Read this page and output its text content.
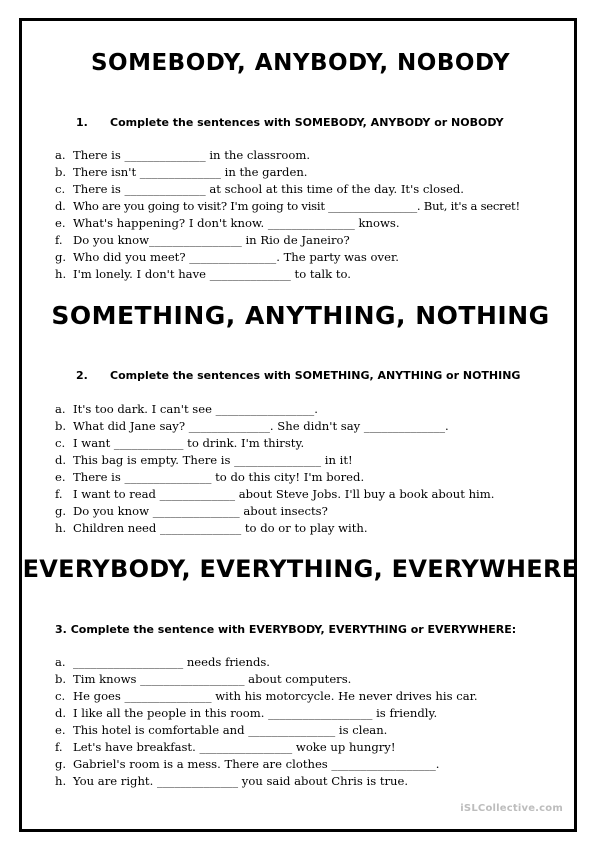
SOMEBODY, ANYBODY, NOBODY
1. Complete the sentences with SOMEBODY, ANYBODY or NOBODY
a. There is ______________ in the classroom.
b. There isn't ______________ in the garden.
c. There is ______________ at school at this time of the day. It's closed.
d. Who are you going to visit? I'm going to visit ________________. But, it's a secret!
e. What's happening? I don't know. _______________ knows.
f. Do you know________________ in Rio de Janeiro?
g. Who did you meet? _______________. The party was over.
h. I'm lonely. I don't have ______________ to talk to.
SOMETHING, ANYTHING, NOTHING
2. Complete the sentences with SOMETHING, ANYTHING or NOTHING
a. It's too dark. I can't see _________________.
b. What did Jane say? ______________. She didn't say ______________.
c. I want ____________ to drink. I'm thirsty.
d. This bag is empty. There is _______________ in it!
e. There is _______________ to do this city! I'm bored.
f. I want to read _____________ about Steve Jobs. I'll buy a book about him.
g. Do you know _______________ about insects?
h. Children need ______________ to do or to play with.
EVERYBODY, EVERYTHING, EVERYWHERE
3. Complete the sentence with EVERYBODY, EVERYTHING or EVERYWHERE:
a. ___________________ needs friends.
b. Tim knows __________________ about computers.
c. He goes _______________ with his motorcycle. He never drives his car.
d. I like all the people in this room. __________________ is friendly.
e. This hotel is comfortable and _______________ is clean.
f. Let's have breakfast. ________________ woke up hungry!
g. Gabriel's room is a mess. There are clothes __________________.
h. You are right. ______________ you said about Chris is true.
iSLCollective.com
